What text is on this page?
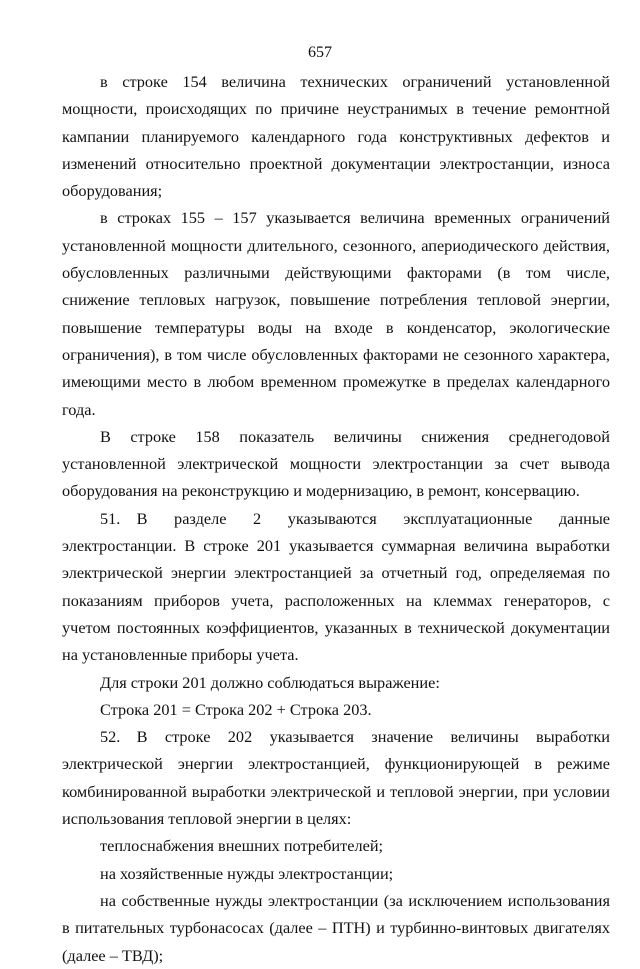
657

в строке 154 величина технических ограничений установленной мощности, происходящих по причине неустранимых в течение ремонтной кампании планируемого календарного года конструктивных дефектов и изменений относительно проектной документации электростанции, износа оборудования;

в строках 155 – 157 указывается величина временных ограничений установленной мощности длительного, сезонного, апериодического действия, обусловленных различными действующими факторами (в том числе, снижение тепловых нагрузок, повышение потребления тепловой энергии, повышение температуры воды на входе в конденсатор, экологические ограничения), в том числе обусловленных факторами не сезонного характера, имеющими место в любом временном промежутке в пределах календарного года.

В строке 158 показатель величины снижения среднегодовой установленной электрической мощности электростанции за счет вывода оборудования на реконструкцию и модернизацию, в ремонт, консервацию.

51. В разделе 2 указываются эксплуатационные данные электростанции. В строке 201 указывается суммарная величина выработки электрической энергии электростанцией за отчетный год, определяемая по показаниям приборов учета, расположенных на клеммах генераторов, с учетом постоянных коэффициентов, указанных в технической документации на установленные приборы учета.

Для строки 201 должно соблюдаться выражение:

Строка 201 = Строка 202 + Строка 203.

52. В строке 202 указывается значение величины выработки электрической энергии электростанцией, функционирующей в режиме комбинированной выработки электрической и тепловой энергии, при условии использования тепловой энергии в целях:

теплоснабжения внешних потребителей;

на хозяйственные нужды электростанции;

на собственные нужды электростанции (за исключением использования в питательных турбонасосах (далее – ПТН) и турбинно-винтовых двигателях (далее – ТВД);
